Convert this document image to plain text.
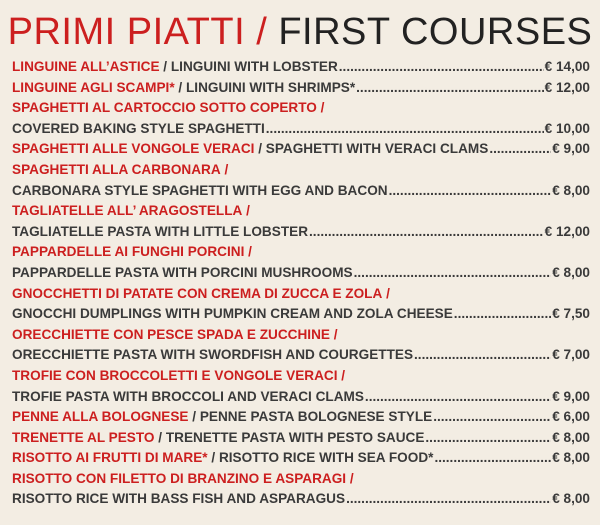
PRIMI PIATTI / FIRST COURSES
LINGUINE ALL’ASTICE / LINGUINI WITH LOBSTER .....	€ 14,00
LINGUINE AGLI SCAMPI* / LINGUINI WITH SHRIMPS* .....	€ 12,00
SPAGHETTI AL CARTOCCIO SOTTO COPERTO /
COVERED BAKING STYLE SPAGHETTI .....	€ 10,00
SPAGHETTI ALLE VONGOLE VERACI / SPAGHETTI WITH VERACI CLAMS .....	€ 9,00
SPAGHETTI ALLA CARBONARA /
CARBONARA STYLE SPAGHETTI WITH EGG AND BACON .....	€ 8,00
TAGLIATELLE ALL’ ARAGOSTELLA /
TAGLIATELLE PASTA WITH LITTLE LOBSTER .....	€ 12,00
PAPPARDELLE AI FUNGHI PORCINI /
PAPPARDELLE PASTA WITH PORCINI MUSHROOMS .....	€ 8,00
GNOCCHETTI DI PATATE CON CREMA DI ZUCCA E ZOLA /
GNOCCHI DUMPLINGS WITH PUMPKIN CREAM AND ZOLA CHEESE .....	€ 7,50
ORECCHIETTE CON PESCE SPADA E ZUCCHINE /
ORECCHIETTE PASTA WITH SWORDFISH AND COURGETTES .....	€ 7,00
TROFIE CON BROCCOLETTI E VONGOLE VERACI /
TROFIE PASTA WITH BROCCOLI AND VERACI CLAMS .....	€ 9,00
PENNE ALLA BOLOGNESE / PENNE PASTA BOLOGNESE STYLE .....	€ 6,00
TRENETTE AL PESTO / TRENETTE PASTA WITH PESTO SAUCE .....	€ 8,00
RISOTTO AI FRUTTI DI MARE* / RISOTTO RICE WITH SEA FOOD* .....	€ 8,00
RISOTTO CON FILETTO DI BRANZINO E ASPARAGI /
RISOTTO RICE WITH BASS FISH AND ASPARAGUS .....	€ 8,00
